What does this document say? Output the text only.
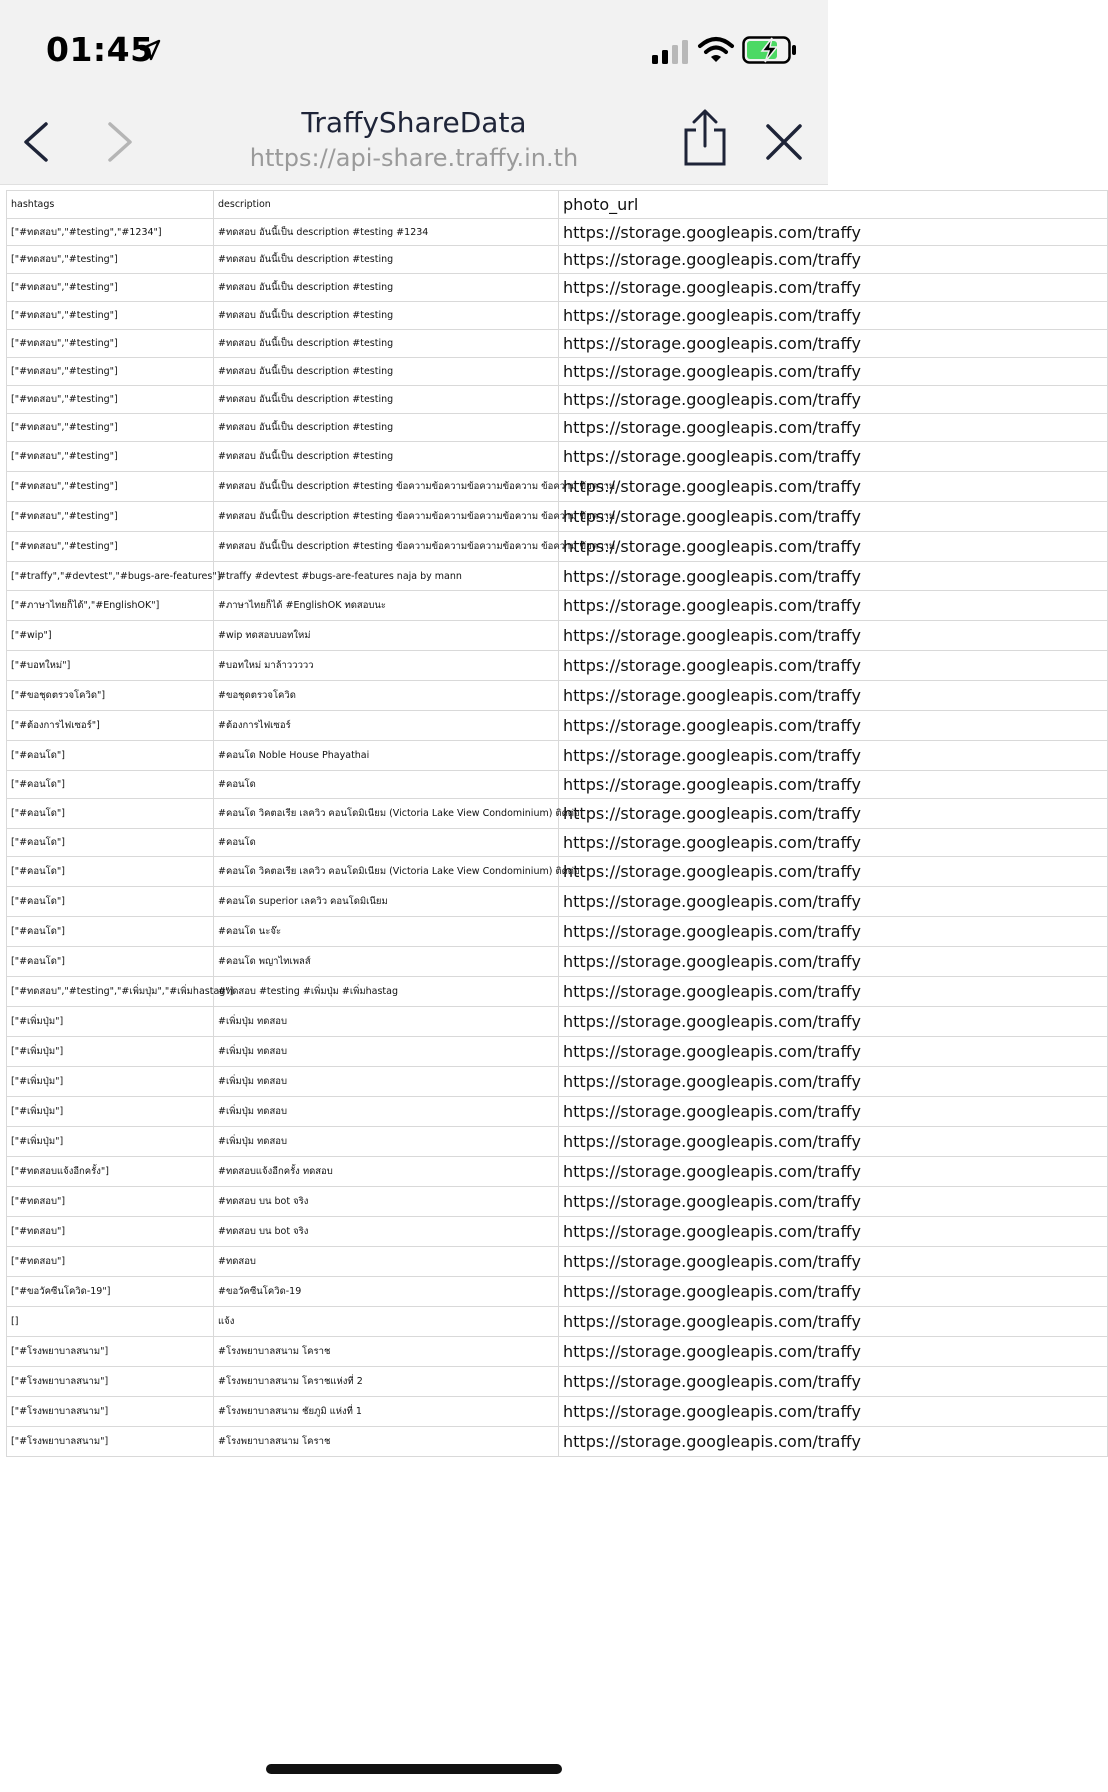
01:45
TraffyShareData
https://api-share.traffy.in.th
hashtags	description	photo_url
["#ทดสอบ","#testing","#1234"]	#ทดสอบ อันนี้เป็น description #testing #1234	https://storage.googleapis.com/traffy
["#ทดสอบ","#testing"]	#ทดสอบ อันนี้เป็น description #testing	https://storage.googleapis.com/traffy
["#ทดสอบ","#testing"]	#ทดสอบ อันนี้เป็น description #testing	https://storage.googleapis.com/traffy
["#ทดสอบ","#testing"]	#ทดสอบ อันนี้เป็น description #testing	https://storage.googleapis.com/traffy
["#ทดสอบ","#testing"]	#ทดสอบ อันนี้เป็น description #testing	https://storage.googleapis.com/traffy
["#ทดสอบ","#testing"]	#ทดสอบ อันนี้เป็น description #testing	https://storage.googleapis.com/traffy
["#ทดสอบ","#testing"]	#ทดสอบ อันนี้เป็น description #testing	https://storage.googleapis.com/traffy
["#ทดสอบ","#testing"]	#ทดสอบ อันนี้เป็น description #testing	https://storage.googleapis.com/traffy
["#ทดสอบ","#testing"]	#ทดสอบ อันนี้เป็น description #testing	https://storage.googleapis.com/traffy
["#ทดสอบ","#testing"]	#ทดสอบ อันนี้เป็น description #testing ข้อความข้อความข้อความข้อความ ข้อความ ข้อความ	https://storage.googleapis.com/traffy
["#ทดสอบ","#testing"]	#ทดสอบ อันนี้เป็น description #testing ข้อความข้อความข้อความข้อความ ข้อความ ข้อความ	https://storage.googleapis.com/traffy
["#ทดสอบ","#testing"]	#ทดสอบ อันนี้เป็น description #testing ข้อความข้อความข้อความข้อความ ข้อความ ข้อความ	https://storage.googleapis.com/traffy
["#traffy","#devtest","#bugs-are-features"]	#traffy #devtest #bugs-are-features naja by mann	https://storage.googleapis.com/traffy
["#ภาษาไทยก็ได้","#EnglishOK"]	#ภาษาไทยก็ได้ #EnglishOK ทดสอบนะ	https://storage.googleapis.com/traffy
["#wip"]	#wip ทดสอบบอทใหม่	https://storage.googleapis.com/traffy
["#บอทใหม่"]	#บอทใหม่ มาล้าววววว	https://storage.googleapis.com/traffy
["#ขอชุดตรวจโควิด"]	#ขอชุดตรวจโควิด	https://storage.googleapis.com/traffy
["#ต้องการไฟเซอร์"]	#ต้องการไฟเซอร์	https://storage.googleapis.com/traffy
["#คอนโด"]	#คอนโด Noble House Phayathai	https://storage.googleapis.com/traffy
["#คอนโด"]	#คอนโด	https://storage.googleapis.com/traffy
["#คอนโด"]	#คอนโด วิคตอเรีย เลควิว คอนโดมิเนียม (Victoria Lake View Condominium) ติดต่อ	https://storage.googleapis.com/traffy
["#คอนโด"]	#คอนโด	https://storage.googleapis.com/traffy
["#คอนโด"]	#คอนโด วิคตอเรีย เลควิว คอนโดมิเนียม (Victoria Lake View Condominium) ติดต่อ	https://storage.googleapis.com/traffy
["#คอนโด"]	#คอนโด superior เลควิว คอนโดมิเนียม	https://storage.googleapis.com/traffy
["#คอนโด"]	#คอนโด นะจ๊ะ	https://storage.googleapis.com/traffy
["#คอนโด"]	#คอนโด พญาไทเพลส์	https://storage.googleapis.com/traffy
["#ทดสอบ","#testing","#เพิ่มปุ่ม","#เพิ่มhastag"]	#ทดสอบ #testing #เพิ่มปุ่ม #เพิ่มhastag	https://storage.googleapis.com/traffy
["#เพิ่มปุ่ม"]	#เพิ่มปุ่ม ทดสอบ	https://storage.googleapis.com/traffy
["#เพิ่มปุ่ม"]	#เพิ่มปุ่ม ทดสอบ	https://storage.googleapis.com/traffy
["#เพิ่มปุ่ม"]	#เพิ่มปุ่ม ทดสอบ	https://storage.googleapis.com/traffy
["#เพิ่มปุ่ม"]	#เพิ่มปุ่ม ทดสอบ	https://storage.googleapis.com/traffy
["#เพิ่มปุ่ม"]	#เพิ่มปุ่ม ทดสอบ	https://storage.googleapis.com/traffy
["#ทดสอบแจ้งอีกครั้ง"]	#ทดสอบแจ้งอีกครั้ง ทดสอบ	https://storage.googleapis.com/traffy
["#ทดสอบ"]	#ทดสอบ บน bot จริง	https://storage.googleapis.com/traffy
["#ทดสอบ"]	#ทดสอบ บน bot จริง	https://storage.googleapis.com/traffy
["#ทดสอบ"]	#ทดสอบ	https://storage.googleapis.com/traffy
["#ขอวัคซีนโควิด-19"]	#ขอวัคซีนโควิด-19	https://storage.googleapis.com/traffy
[]	แจ้ง	https://storage.googleapis.com/traffy
["#โรงพยาบาลสนาม"]	#โรงพยาบาลสนาม โคราช	https://storage.googleapis.com/traffy
["#โรงพยาบาลสนาม"]	#โรงพยาบาลสนาม โคราชแห่งที่ 2	https://storage.googleapis.com/traffy
["#โรงพยาบาลสนาม"]	#โรงพยาบาลสนาม ชัยภูมิ แห่งที่ 1	https://storage.googleapis.com/traffy
["#โรงพยาบาลสนาม"]	#โรงพยาบาลสนาม โคราช	https://storage.googleapis.com/traffy
